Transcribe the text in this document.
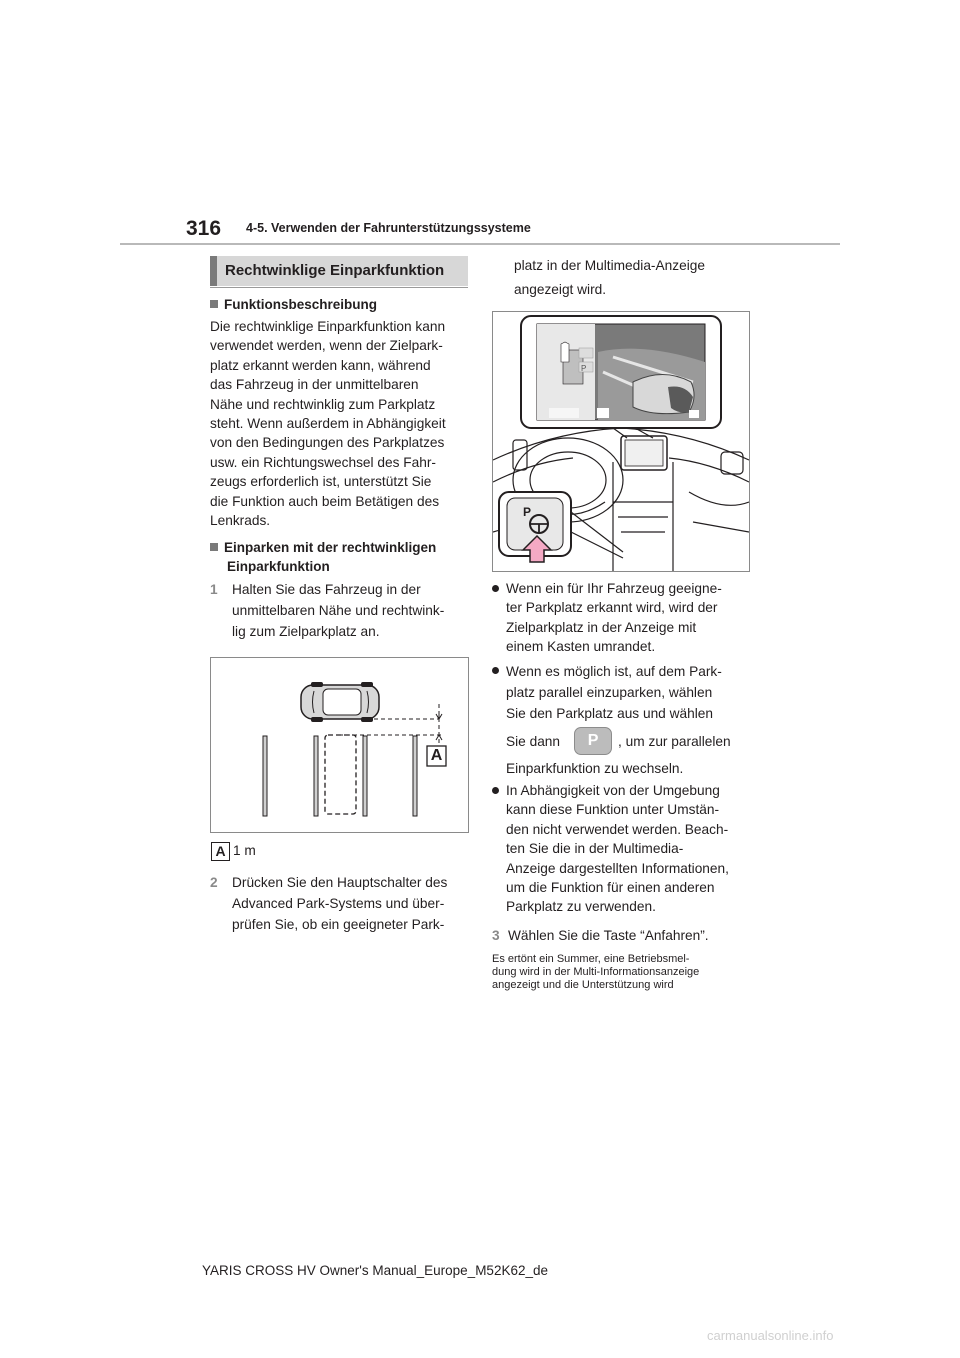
316 4-5. Verwenden der Fahrunterstützungssysteme
Rechtwinklige Einparkfunktion
Funktionsbeschreibung
Die rechtwinklige Einparkfunktion kann
verwendet werden, wenn der Zielpark-
platz erkannt werden kann, während
das Fahrzeug in der unmittelbaren
Nähe und rechtwinklig zum Parkplatz
steht. Wenn außerdem in Abhängigkeit
von den Bedingungen des Parkplatzes
usw. ein Richtungswechsel des Fahr-
zeugs erforderlich ist, unterstützt Sie
die Funktion auch beim Betätigen des
Lenkrads.
Einparken mit der rechtwinkligen
Einparkfunktion
1 Halten Sie das Fahrzeug in der
unmittelbaren Nähe und rechtwink-
lig zum Zielparkplatz an.
A
A 1 m
2 Drücken Sie den Hauptschalter des
Advanced Park-Systems und über-
prüfen Sie, ob ein geeigneter Park-
platz in der Multimedia-Anzeige
angezeigt wird.
P
P
Wenn ein für Ihr Fahrzeug geeigne-
ter Parkplatz erkannt wird, wird der
Zielparkplatz in der Anzeige mit
einem Kasten umrandet.
Wenn es möglich ist, auf dem Park-
platz parallel einzuparken, wählen
Sie den Parkplatz aus und wählen
Sie dann	P	, um zur parallelen
Einparkfunktion zu wechseln.
In Abhängigkeit von der Umgebung
kann diese Funktion unter Umstän-
den nicht verwendet werden. Beach-
ten Sie die in der Multimedia-
Anzeige dargestellten Informationen,
um die Funktion für einen anderen
Parkplatz zu verwenden.
3 Wählen Sie die Taste “Anfahren”.
Es ertönt ein Summer, eine Betriebsmel-
dung wird in der Multi-Informationsanzeige
angezeigt und die Unterstützung wird
YARIS CROSS HV Owner's Manual_Europe_M52K62_de
carmanualsonline.info
